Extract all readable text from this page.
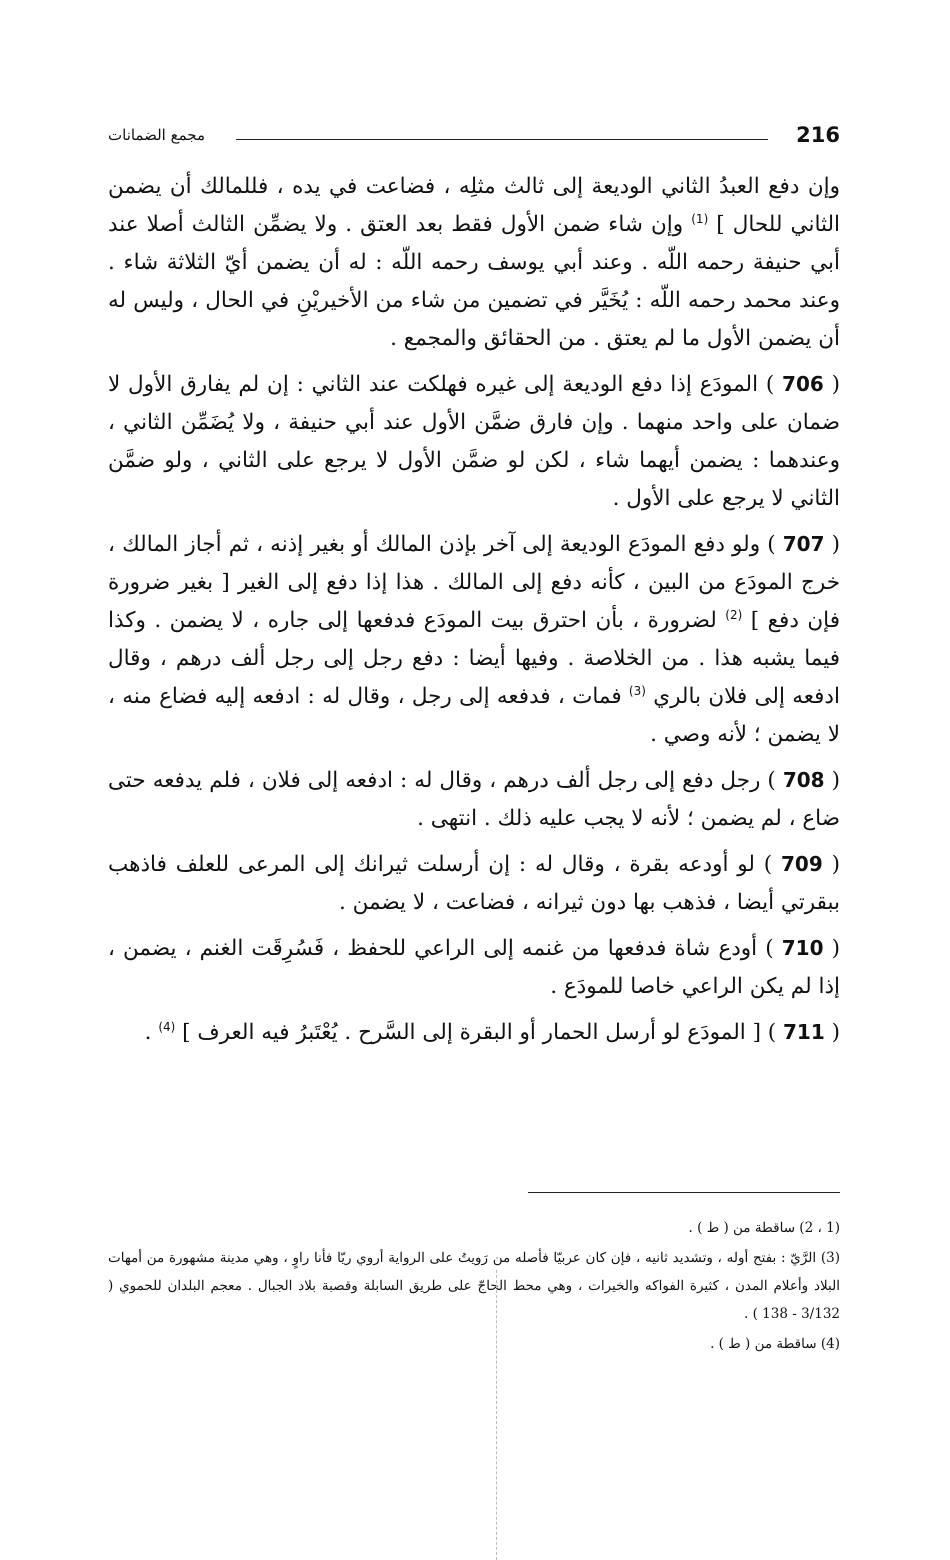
216
مجمع الضمانات

وإن دفع العبدُ الثاني الوديعة إلى ثالث مثلِه ، فضاعت في يده ، فللمالك أن يضمن الثاني للحال ] $^{(1)}$ وإن شاء ضمن الأول فقط بعد العتق . ولا يضمِّن الثالث أصلا عند أبي حنيفة رحمه اللّه . وعند أبي يوسف رحمه اللّه : له أن يضمن أيّ الثلاثة شاء . وعند محمد رحمه اللّه : يُخَيَّر في تضمين من شاء من الأخيريْنِ في الحال ، وليس له أن يضمن الأول ما لم يعتق . من الحقائق والمجمع .

( 706 ) المودَع إذا دفع الوديعة إلى غيره فهلكت عند الثاني : إن لم يفارق الأول لا ضمان على واحد منهما . وإن فارق ضمَّن الأول عند أبي حنيفة ، ولا يُضَمِّن الثاني ، وعندهما : يضمن أيهما شاء ، لكن لو ضمَّن الأول لا يرجع على الثاني ، ولو ضمَّن الثاني لا يرجع على الأول .

( 707 ) ولو دفع المودَع الوديعة إلى آخر بإذن المالك أو بغير إذنه ، ثم أجاز المالك ، خرج المودَع من البين ، كأنه دفع إلى المالك . هذا إذا دفع إلى الغير [ بغير ضرورة فإن دفع ] $^{(2)}$ لضرورة ، بأن احترق بيت المودَع فدفعها إلى جاره ، لا يضمن . وكذا فيما يشبه هذا . من الخلاصة . وفيها أيضا : دفع رجل إلى رجل ألف درهم ، وقال ادفعه إلى فلان بالري $^{(3)}$ فمات ، فدفعه إلى رجل ، وقال له : ادفعه إليه فضاع منه ، لا يضمن ؛ لأنه وصي .

( 708 ) رجل دفع إلى رجل ألف درهم ، وقال له : ادفعه إلى فلان ، فلم يدفعه حتى ضاع ، لم يضمن ؛ لأنه لا يجب عليه ذلك . انتهى .

( 709 ) لو أودعه بقرة ، وقال له : إن أرسلت ثيرانك إلى المرعى للعلف فاذهب ببقرتي أيضا ، فذهب بها دون ثيرانه ، فضاعت ، لا يضمن .

( 710 ) أودع شاة فدفعها من غنمه إلى الراعي للحفظ ، فَسُرِقَت الغنم ، يضمن ، إذا لم يكن الراعي خاصا للمودَع .

( 711 ) [ المودَع لو أرسل الحمار أو البقرة إلى السَّرح . يُعْتَبرُ فيه العرف ] $^{(4)}$ .

(1 ، 2) ساقطة من ( ط ) .

(3) الرَّيّ : بفتح أوله ، وتشديد ثانيه ، فإن كان عربيّا فأصله من رَويتُ على الرواية أروي ريّا فأنا راوٍ ، وهي مدينة مشهورة من أمهات البلاد وأعلام المدن ، كثيرة الفواكه والخيرات ، وهي محط الحاجّ على طريق السابلة وقصبة بلاد الجبال . معجم البلدان للحموي ( 3/132 - 138 ) .

(4) ساقطة من ( ط ) .
